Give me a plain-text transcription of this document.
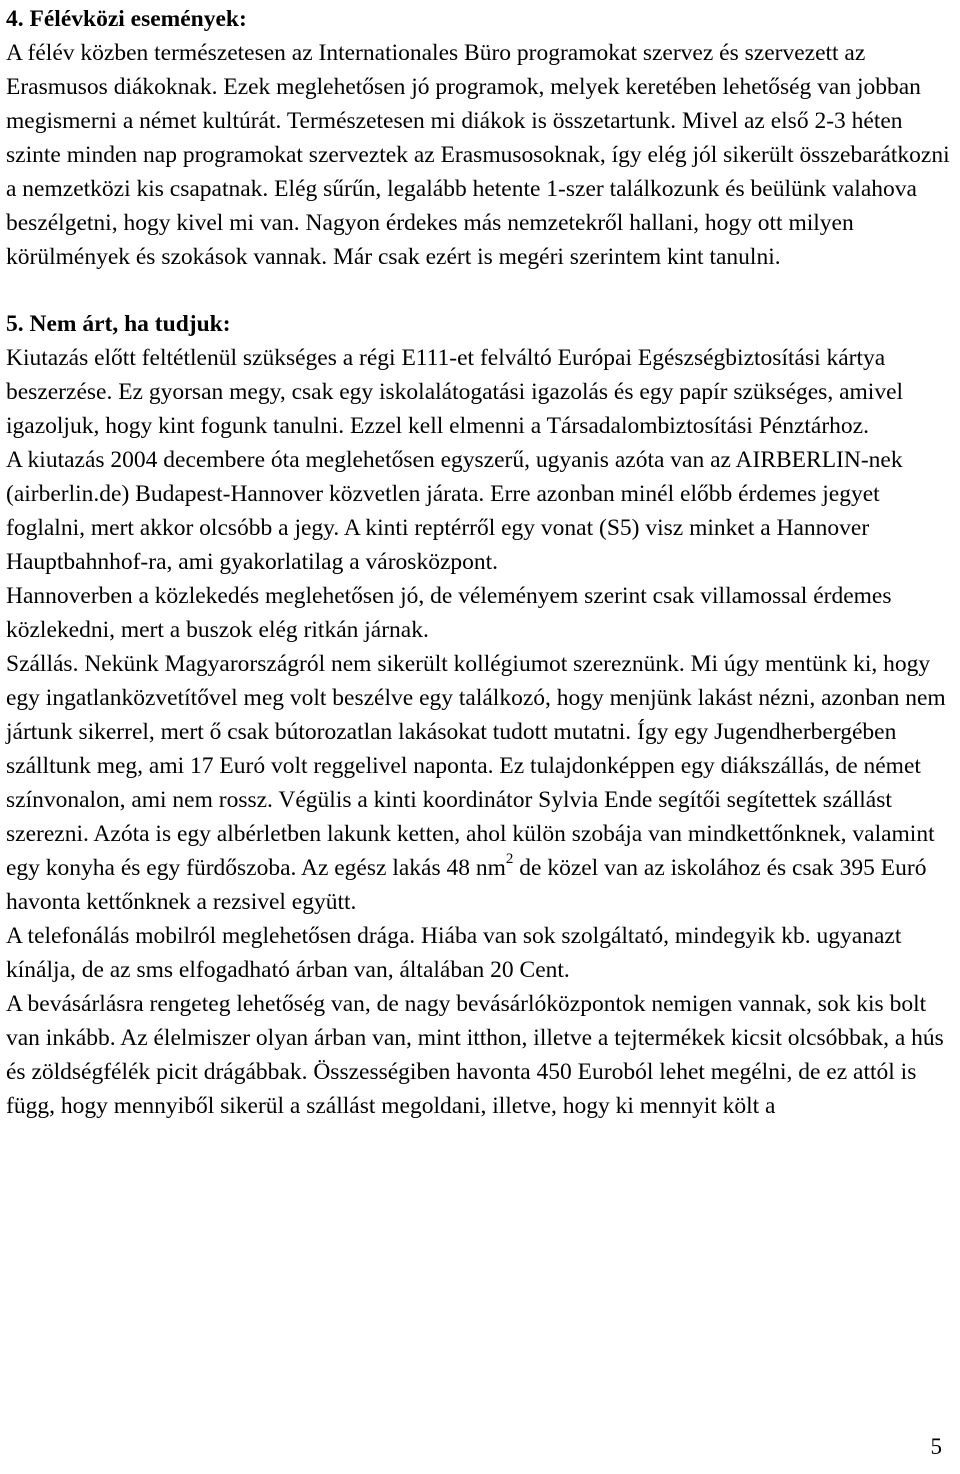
4. Félévközi események:

A félév közben természetesen az Internationales Büro programokat szervez és szervezett az Erasmusos diákoknak. Ezek meglehetősen jó programok, melyek keretében lehetőség van jobban megismerni a német kultúrát. Természetesen mi diákok is összetartunk. Mivel az első 2-3 héten szinte minden nap programokat szerveztek az Erasmusosoknak, így elég jól sikerült összebarátkozni a nemzetközi kis csapatnak. Elég sűrűn, legalább hetente 1-szer találkozunk és beülünk valahova beszélgetni, hogy kivel mi van. Nagyon érdekes más nemzetekről hallani, hogy ott milyen körülmények és szokások vannak. Már csak ezért is megéri szerintem kint tanulni.

5. Nem árt, ha tudjuk:

Kiutazás előtt feltétlenül szükséges a régi E111-et felváltó Európai Egészségbiztosítási kártya beszerzése. Ez gyorsan megy, csak egy iskolalátogatási igazolás és egy papír szükséges, amivel igazoljuk, hogy kint fogunk tanulni. Ezzel kell elmenni a Társadalombiztosítási Pénztárhoz.

A kiutazás 2004 decembere óta meglehetősen egyszerű, ugyanis azóta van az AIRBERLIN-nek (airberlin.de) Budapest-Hannover közvetlen járata. Erre azonban minél előbb érdemes jegyet foglalni, mert akkor olcsóbb a jegy. A kinti reptérről egy vonat (S5) visz minket a Hannover Hauptbahnhof-ra, ami gyakorlatilag a városközpont.

Hannoverben a közlekedés meglehetősen jó, de véleményem szerint csak villamossal érdemes közlekedni, mert a buszok elég ritkán járnak.

Szállás. Nekünk Magyarországról nem sikerült kollégiumot szereznünk. Mi úgy mentünk ki, hogy egy ingatlanközvetítővel meg volt beszélve egy találkozó, hogy menjünk lakást nézni, azonban nem jártunk sikerrel, mert ő csak bútorozatlan lakásokat tudott mutatni. Így egy Jugendherbergében szálltunk meg, ami 17 Euró volt reggelivel naponta. Ez tulajdonképpen egy diákszállás, de német színvonalon, ami nem rossz. Végülis a kinti koordinátor Sylvia Ende segítői segítettek szállást szerezni. Azóta is egy albérletben lakunk ketten, ahol külön szobája van mindkettőnknek, valamint egy konyha és egy fürdőszoba. Az egész lakás 48 $nm^2$ de közel van az iskolához és csak 395 Euró havonta kettőnknek a rezsivel együtt.

A telefonálás mobilról meglehetősen drága. Hiába van sok szolgáltató, mindegyik kb. ugyanazt kínálja, de az sms elfogadható árban van, általában 20 Cent.

A bevásárlásra rengeteg lehetőség van, de nagy bevásárlóközpontok nemigen vannak, sok kis bolt van inkább. Az élelmiszer olyan árban van, mint itthon, illetve a tejtermékek kicsit olcsóbbak, a hús és zöldségfélék picit drágábbak. Összességiben havonta 450 Euroból lehet megélni, de ez attól is függ, hogy mennyiből sikerül a szállást megoldani, illetve, hogy ki mennyit költ a

5
